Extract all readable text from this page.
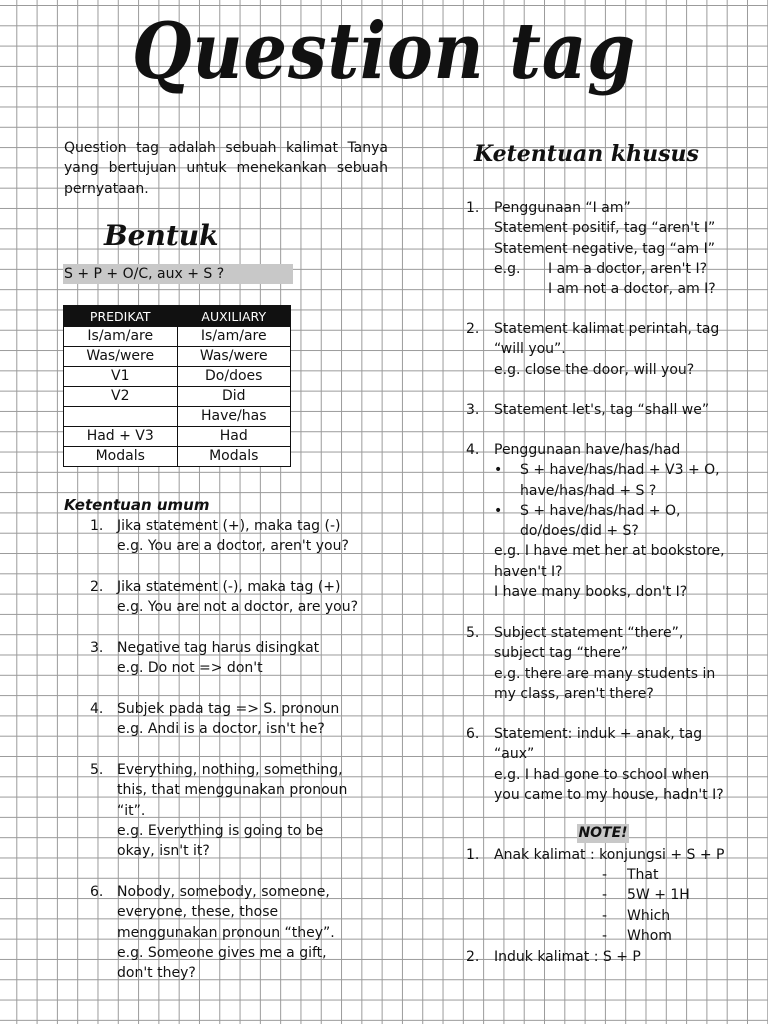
Question tag
Question tag adalah sebuah kalimat Tanya yang bertujuan untuk menekankan sebuah pernyataan.
Bentuk
S + P + O/C, aux + S ?
PREDIKAT	AUXILIARY
Is/am/are	Is/am/are
Was/were	Was/were
V1	Do/does
V2	Did
	Have/has
Had + V3	Had
Modals	Modals
Ketentuan umum
1. Jika statement (+), maka tag (-)
e.g. You are a doctor, aren't you?
2. Jika statement (-), maka tag (+)
e.g. You are not a doctor, are you?
3. Negative tag harus disingkat
e.g. Do not => don't
4. Subjek pada tag => S. pronoun
e.g. Andi is a doctor, isn't he?
5. Everything, nothing, something,
this, that menggunakan pronoun
“it”.
e.g. Everything is going to be
okay, isn't it?
6. Nobody, somebody, someone,
everyone, these, those
menggunakan pronoun “they”.
e.g. Someone gives me a gift,
don't they?
Ketentuan khusus
1. Penggunaan “I am”
Statement positif, tag “aren't I”
Statement negative, tag “am I”
e.g. I am a doctor, aren't I?
I am not a doctor, am I?
2. Statement kalimat perintah, tag
“will you”.
e.g. close the door, will you?
3. Statement let's, tag “shall we”
4. Penggunaan have/has/had
• S + have/has/had + V3 + O,
have/has/had + S ?
• S + have/has/had + O,
do/does/did + S?
e.g. I have met her at bookstore,
haven't I?
I have many books, don't I?
5. Subject statement “there”,
subject tag “there”
e.g. there are many students in
my class, aren't there?
6. Statement: induk + anak, tag
“aux”
e.g. I had gone to school when
you came to my house, hadn't I?
NOTE!
1. Anak kalimat : konjungsi + S + P
2. Induk kalimat : S + P
- That
- 5W + 1H
- Which
- Whom
